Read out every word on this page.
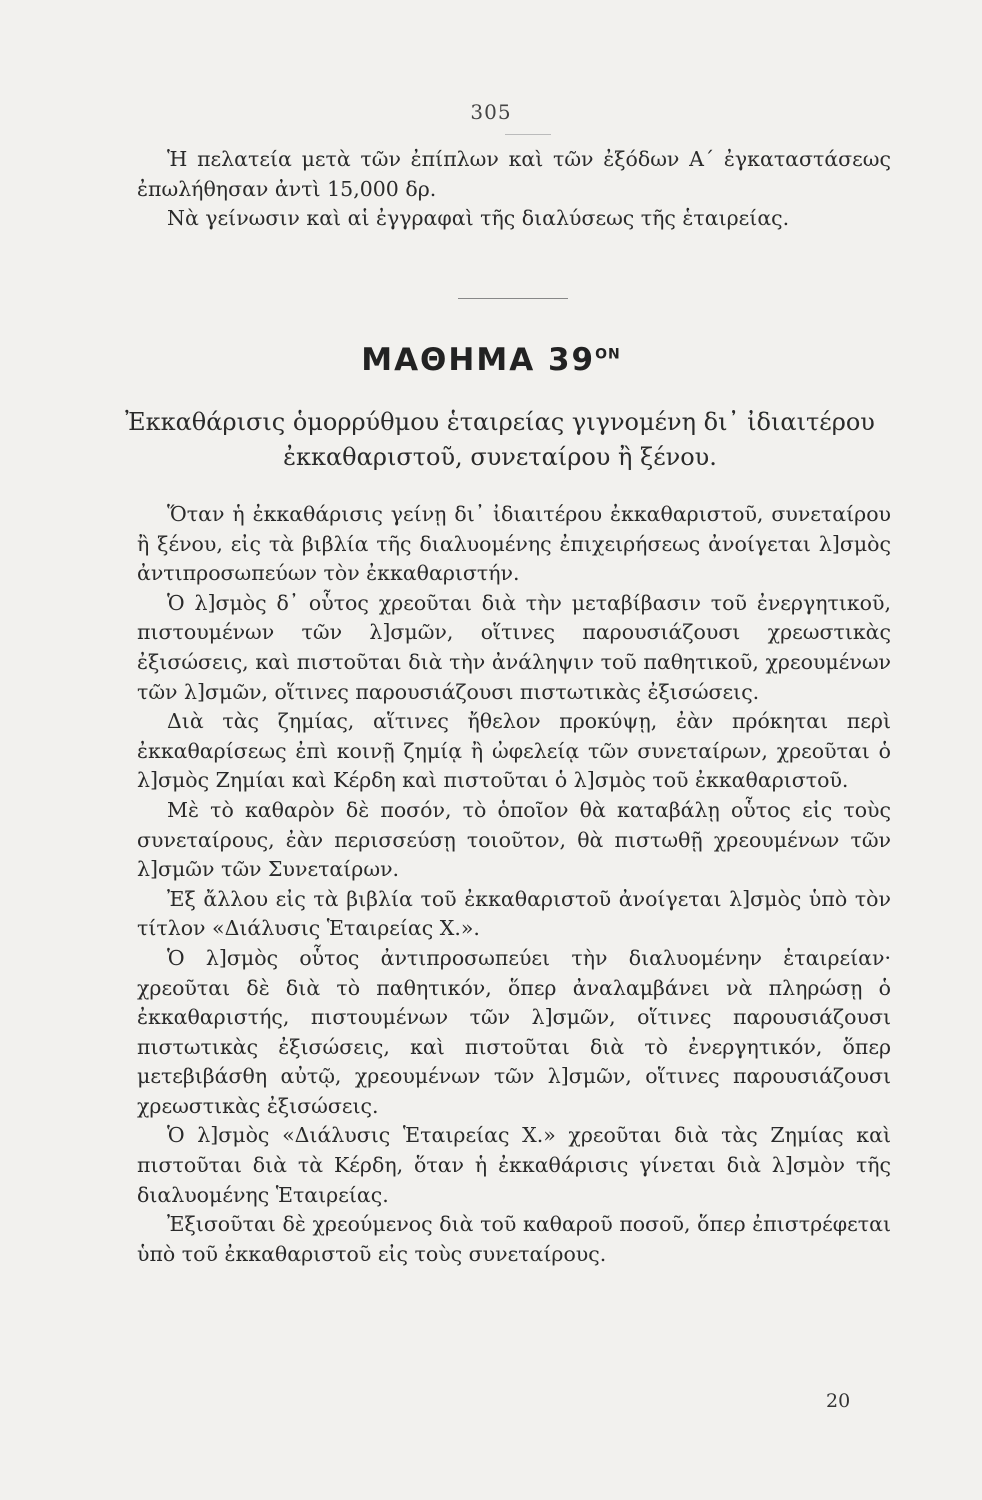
305

Ἡ πελατεία μετὰ τῶν ἐπίπλων καὶ τῶν ἐξόδων Α΄ ἐγκαταστάσεως ἐπωλήθησαν ἀντὶ 15,000 δρ.

Νὰ γείνωσιν καὶ αἱ ἐγγραφαὶ τῆς διαλύσεως τῆς ἑταιρείας.

ΜΑΘΗΜΑ $39^{ON}$

Ἐκκαθάρισις ὁμορρύθμου ἑταιρείας γιγνομένη δι᾽ ἰδιαιτέρου
ἐκκαθαριστοῦ, συνεταίρου ἢ ξένου.

Ὅταν ἡ ἐκκαθάρισις γείνῃ δι᾽ ἰδιαιτέρου ἐκκαθαριστοῦ, συνεταίρου ἢ ξένου, εἰς τὰ βιβλία τῆς διαλυομένης ἐπιχειρήσεως ἀνοίγεται λ]σμὸς ἀντιπροσωπεύων τὸν ἐκκαθαριστήν.

Ὁ λ]σμὸς δ᾽ οὗτος χρεοῦται διὰ τὴν μεταβίβασιν τοῦ ἐνεργητικοῦ, πιστουμένων τῶν λ]σμῶν, οἵτινες παρουσιάζουσι χρεωστικὰς ἐξισώσεις, καὶ πιστοῦται διὰ τὴν ἀνάληψιν τοῦ παθητικοῦ, χρεουμένων τῶν λ]σμῶν, οἵτινες παρουσιάζουσι πιστωτικὰς ἐξισώσεις.

Διὰ τὰς ζημίας, αἵτινες ἤθελον προκύψῃ, ἐὰν πρόκηται περὶ ἐκκαθαρίσεως ἐπὶ κοινῇ ζημίᾳ ἢ ὠφελείᾳ τῶν συνεταίρων, χρεοῦται ὁ λ]σμὸς Ζημίαι καὶ Κέρδη καὶ πιστοῦται ὁ λ]σμὸς τοῦ ἐκκαθαριστοῦ.

Μὲ τὸ καθαρὸν δὲ ποσόν, τὸ ὁποῖον θὰ καταβάλῃ οὗτος εἰς τοὺς συνεταίρους, ἐὰν περισσεύσῃ τοιοῦτον, θὰ πιστωθῇ χρεουμένων τῶν λ]σμῶν τῶν Συνεταίρων.

Ἐξ ἄλλου εἰς τὰ βιβλία τοῦ ἐκκαθαριστοῦ ἀνοίγεται λ]σμὸς ὑπὸ τὸν τίτλον «Διάλυσις Ἑταιρείας Χ.».

Ὁ λ]σμὸς οὗτος ἀντιπροσωπεύει τὴν διαλυομένην ἑταιρείαν· χρεοῦται δὲ διὰ τὸ παθητικόν, ὅπερ ἀναλαμβάνει νὰ πληρώσῃ ὁ ἐκκαθαριστής, πιστουμένων τῶν λ]σμῶν, οἵτινες παρουσιάζουσι πιστωτικὰς ἐξισώσεις, καὶ πιστοῦται διὰ τὸ ἐνεργητικόν, ὅπερ μετεβιβάσθη αὐτῷ, χρεουμένων τῶν λ]σμῶν, οἵτινες παρουσιάζουσι χρεωστικὰς ἐξισώσεις.

Ὁ λ]σμὸς «Διάλυσις Ἑταιρείας Χ.» χρεοῦται διὰ τὰς Ζημίας καὶ πιστοῦται διὰ τὰ Κέρδη, ὅταν ἡ ἐκκαθάρισις γίνεται διὰ λ]σμὸν τῆς διαλυομένης Ἑταιρείας.

Ἐξισοῦται δὲ χρεούμενος διὰ τοῦ καθαροῦ ποσοῦ, ὅπερ ἐπιστρέφεται ὑπὸ τοῦ ἐκκαθαριστοῦ εἰς τοὺς συνεταίρους.

20
